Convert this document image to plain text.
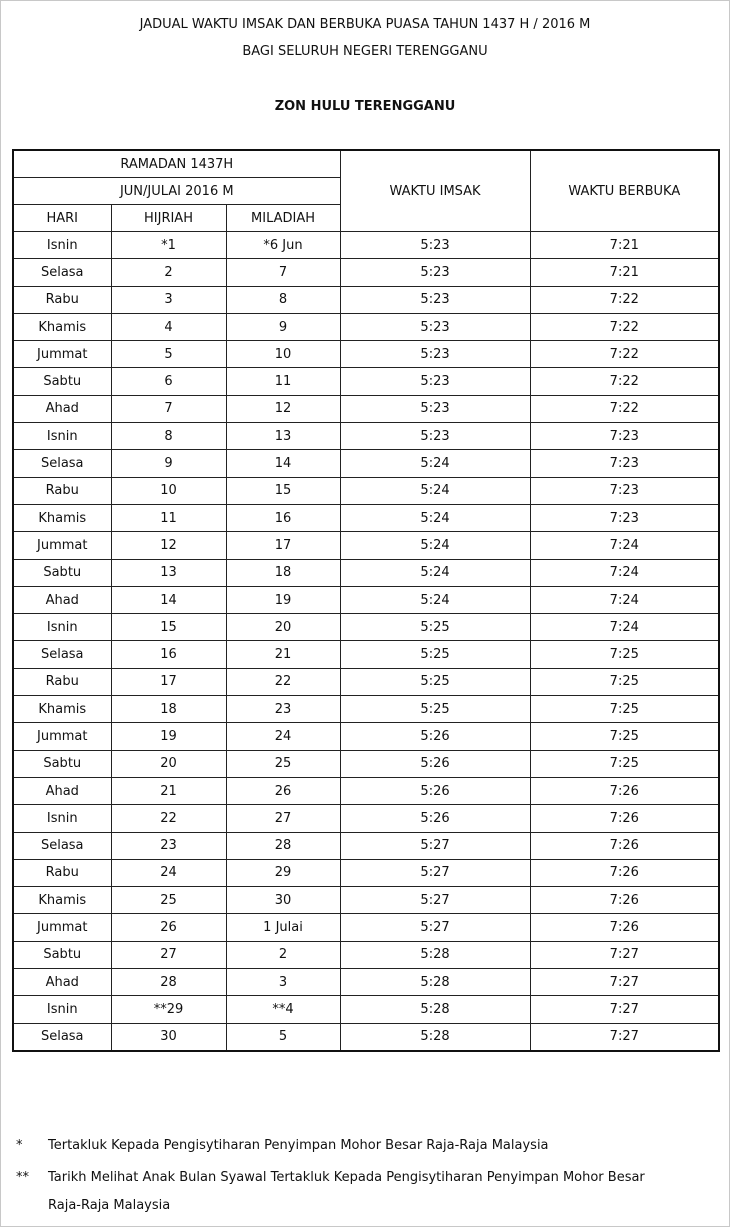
JADUAL WAKTU IMSAK DAN BERBUKA PUASA TAHUN 1437 H / 2016 M
BAGI SELURUH NEGERI TERENGGANU
ZON HULU TERENGGANU
RAMADAN 1437H			WAKTU IMSAK	WAKTU BERBUKA
JUN/JULAI 2016 M				
HARI	HIJRIAH	MILADIAH		
Isnin	*1	*6 Jun	5:23	7:21
Selasa	2	7	5:23	7:21
Rabu	3	8	5:23	7:22
Khamis	4	9	5:23	7:22
Jummat	5	10	5:23	7:22
Sabtu	6	11	5:23	7:22
Ahad	7	12	5:23	7:22
Isnin	8	13	5:23	7:23
Selasa	9	14	5:24	7:23
Rabu	10	15	5:24	7:23
Khamis	11	16	5:24	7:23
Jummat	12	17	5:24	7:24
Sabtu	13	18	5:24	7:24
Ahad	14	19	5:24	7:24
Isnin	15	20	5:25	7:24
Selasa	16	21	5:25	7:25
Rabu	17	22	5:25	7:25
Khamis	18	23	5:25	7:25
Jummat	19	24	5:26	7:25
Sabtu	20	25	5:26	7:25
Ahad	21	26	5:26	7:26
Isnin	22	27	5:26	7:26
Selasa	23	28	5:27	7:26
Rabu	24	29	5:27	7:26
Khamis	25	30	5:27	7:26
Jummat	26	1 Julai	5:27	7:26
Sabtu	27	2	5:28	7:27
Ahad	28	3	5:28	7:27
Isnin	**29	**4	5:28	7:27
Selasa	30	5	5:28	7:27
* Tertakluk Kepada Pengisytiharan Penyimpan Mohor Besar Raja-Raja Malaysia
** Tarikh Melihat Anak Bulan Syawal Tertakluk Kepada Pengisytiharan Penyimpan Mohor Besar
Raja-Raja Malaysia
